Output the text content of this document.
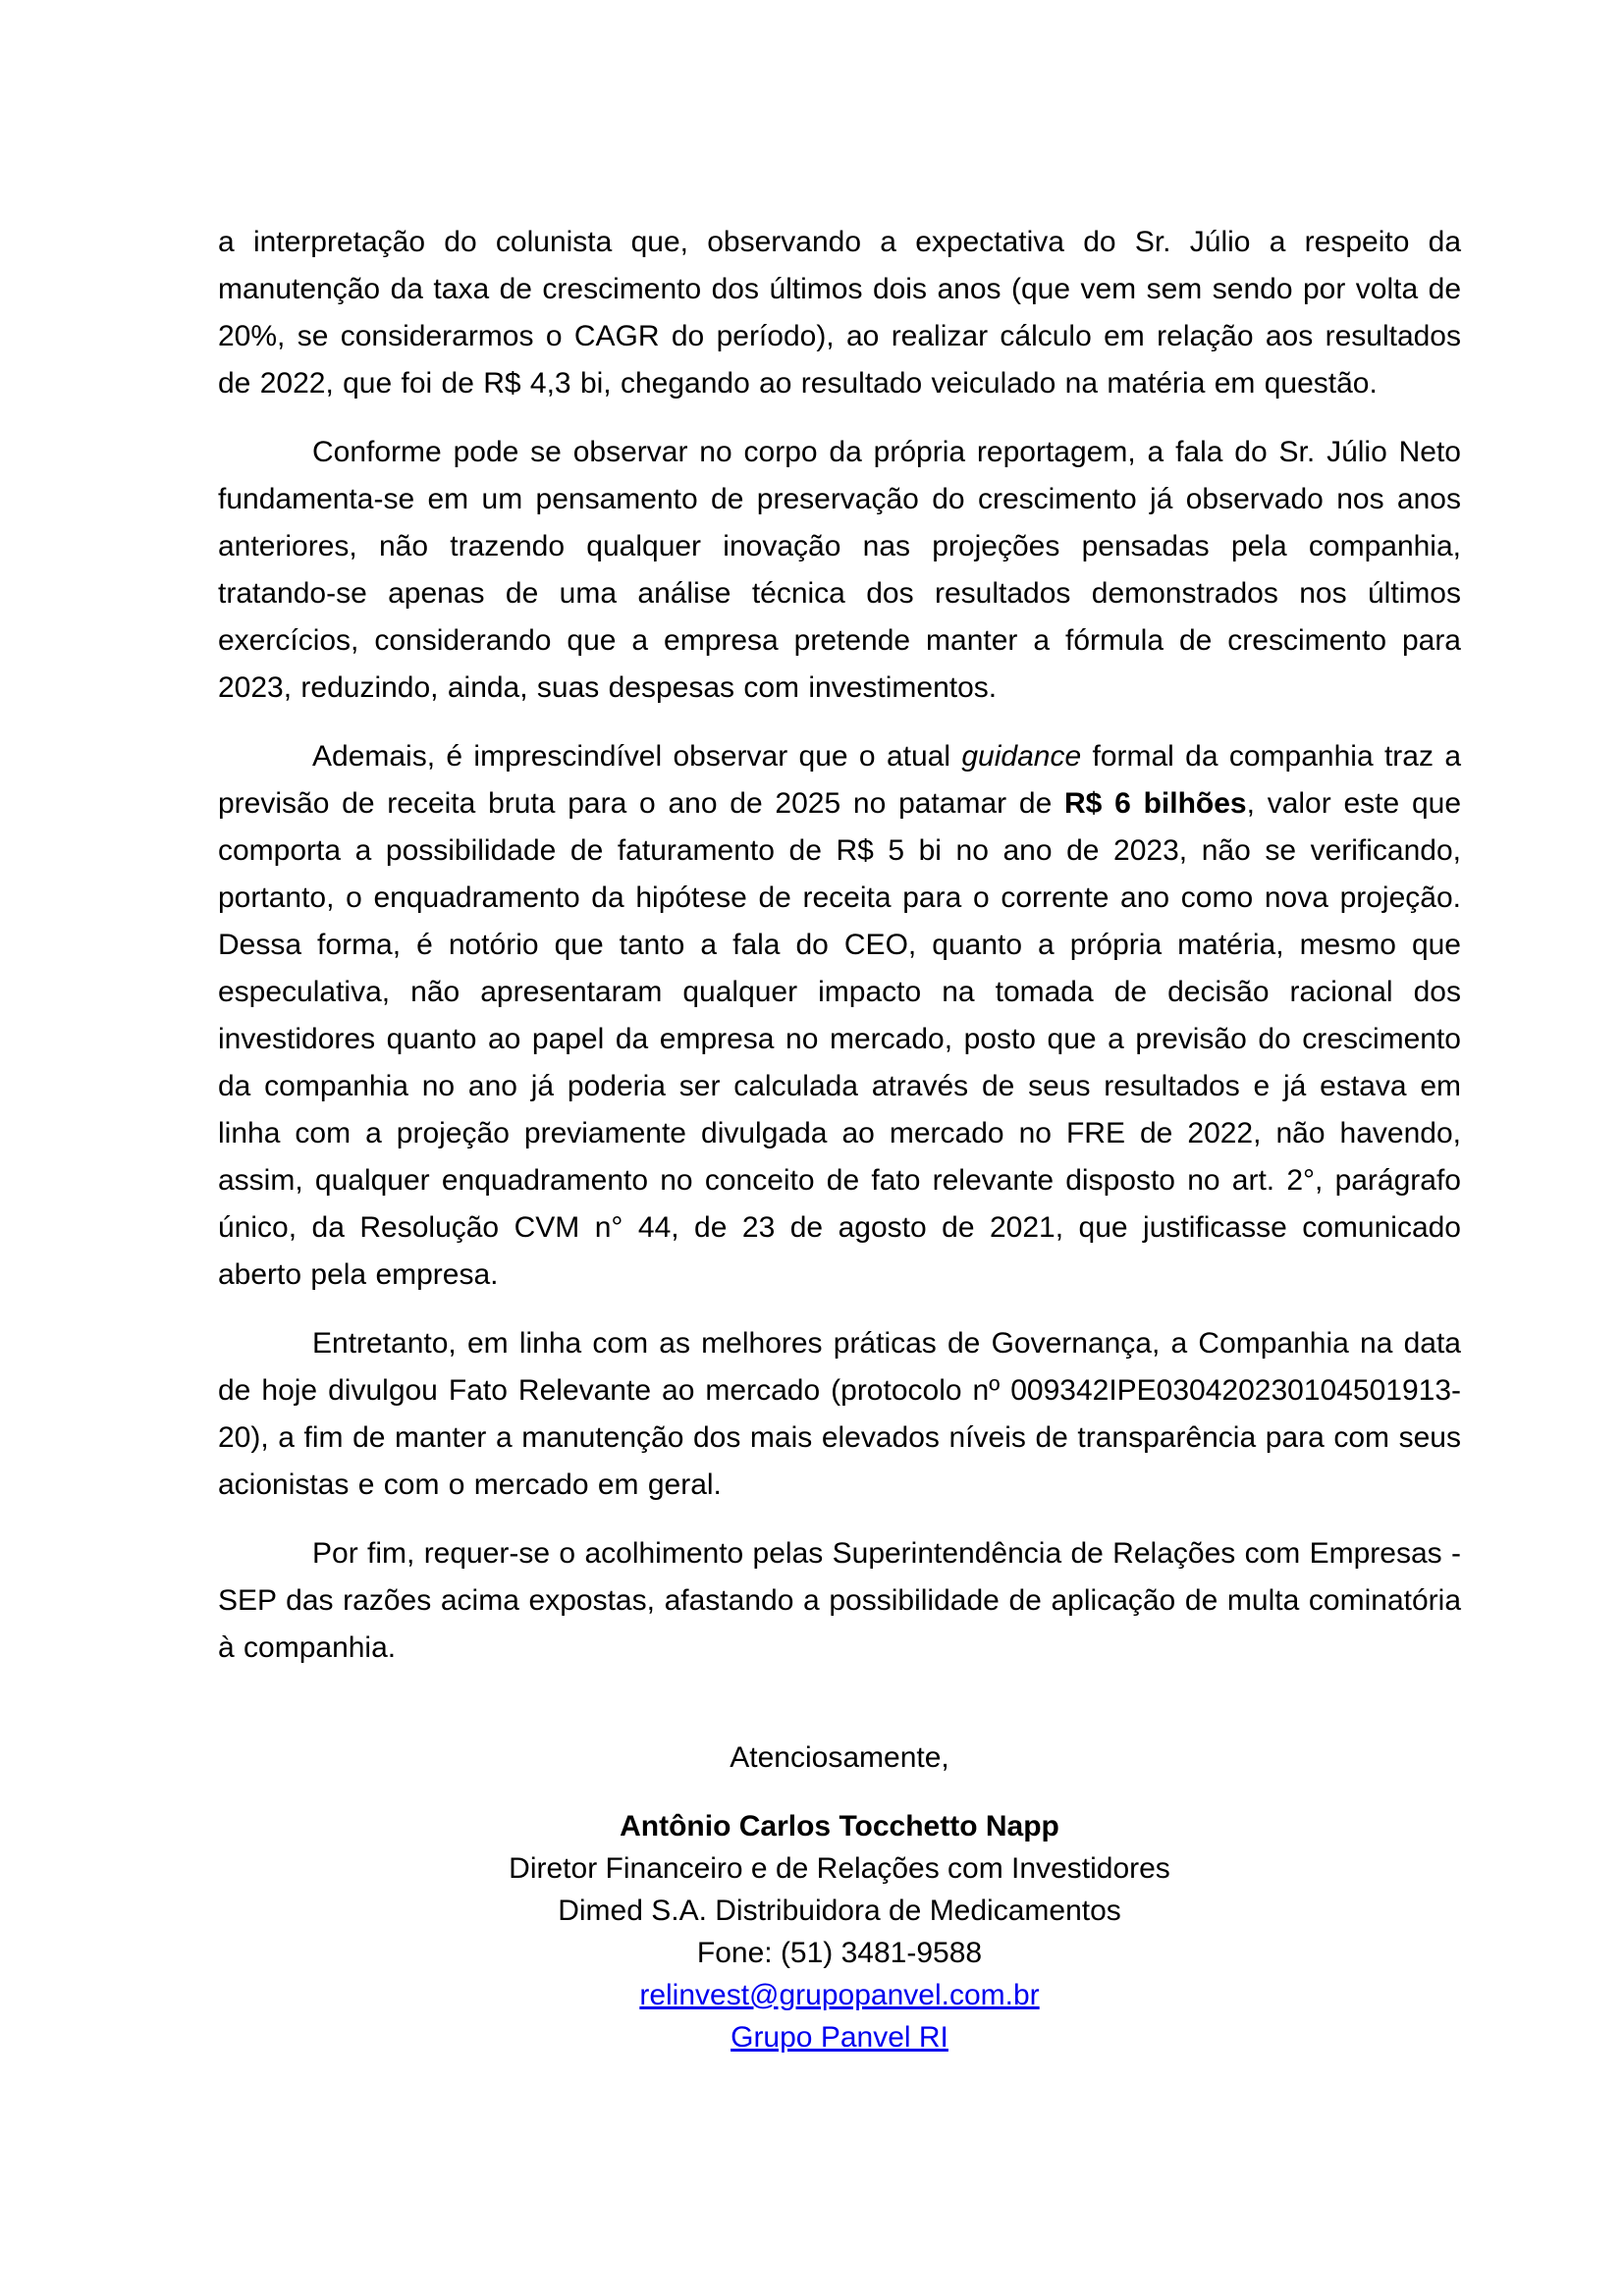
a interpretação do colunista que, observando a expectativa do Sr. Júlio a respeito da manutenção da taxa de crescimento dos últimos dois anos (que vem sem sendo por volta de 20%, se considerarmos o CAGR do período), ao realizar cálculo em relação aos resultados de 2022, que foi de R$ 4,3 bi, chegando ao resultado veiculado na matéria em questão.

Conforme pode se observar no corpo da própria reportagem, a fala do Sr. Júlio Neto fundamenta-se em um pensamento de preservação do crescimento já observado nos anos anteriores, não trazendo qualquer inovação nas projeções pensadas pela companhia, tratando-se apenas de uma análise técnica dos resultados demonstrados nos últimos exercícios, considerando que a empresa pretende manter a fórmula de crescimento para 2023, reduzindo, ainda, suas despesas com investimentos.

Ademais, é imprescindível observar que o atual guidance formal da companhia traz a previsão de receita bruta para o ano de 2025 no patamar de R$ 6 bilhões, valor este que comporta a possibilidade de faturamento de R$ 5 bi no ano de 2023, não se verificando, portanto, o enquadramento da hipótese de receita para o corrente ano como nova projeção. Dessa forma, é notório que tanto a fala do CEO, quanto a própria matéria, mesmo que especulativa, não apresentaram qualquer impacto na tomada de decisão racional dos investidores quanto ao papel da empresa no mercado, posto que a previsão do crescimento da companhia no ano já poderia ser calculada através de seus resultados e já estava em linha com a projeção previamente divulgada ao mercado no FRE de 2022, não havendo, assim, qualquer enquadramento no conceito de fato relevante disposto no art. 2°, parágrafo único, da Resolução CVM n° 44, de 23 de agosto de 2021, que justificasse comunicado aberto pela empresa.

Entretanto, em linha com as melhores práticas de Governança, a Companhia na data de hoje divulgou Fato Relevante ao mercado (protocolo nº 009342IPE030420230104501913-20), a fim de manter a manutenção dos mais elevados níveis de transparência para com seus acionistas e com o mercado em geral.

Por fim, requer-se o acolhimento pelas Superintendência de Relações com Empresas - SEP das razões acima expostas, afastando a possibilidade de aplicação de multa cominatória à companhia.

Atenciosamente,

Antônio Carlos Tocchetto Napp

Diretor Financeiro e de Relações com Investidores

Dimed S.A. Distribuidora de Medicamentos

Fone: (51) 3481-9588

relinvest@grupopanvel.com.br

Grupo Panvel RI
